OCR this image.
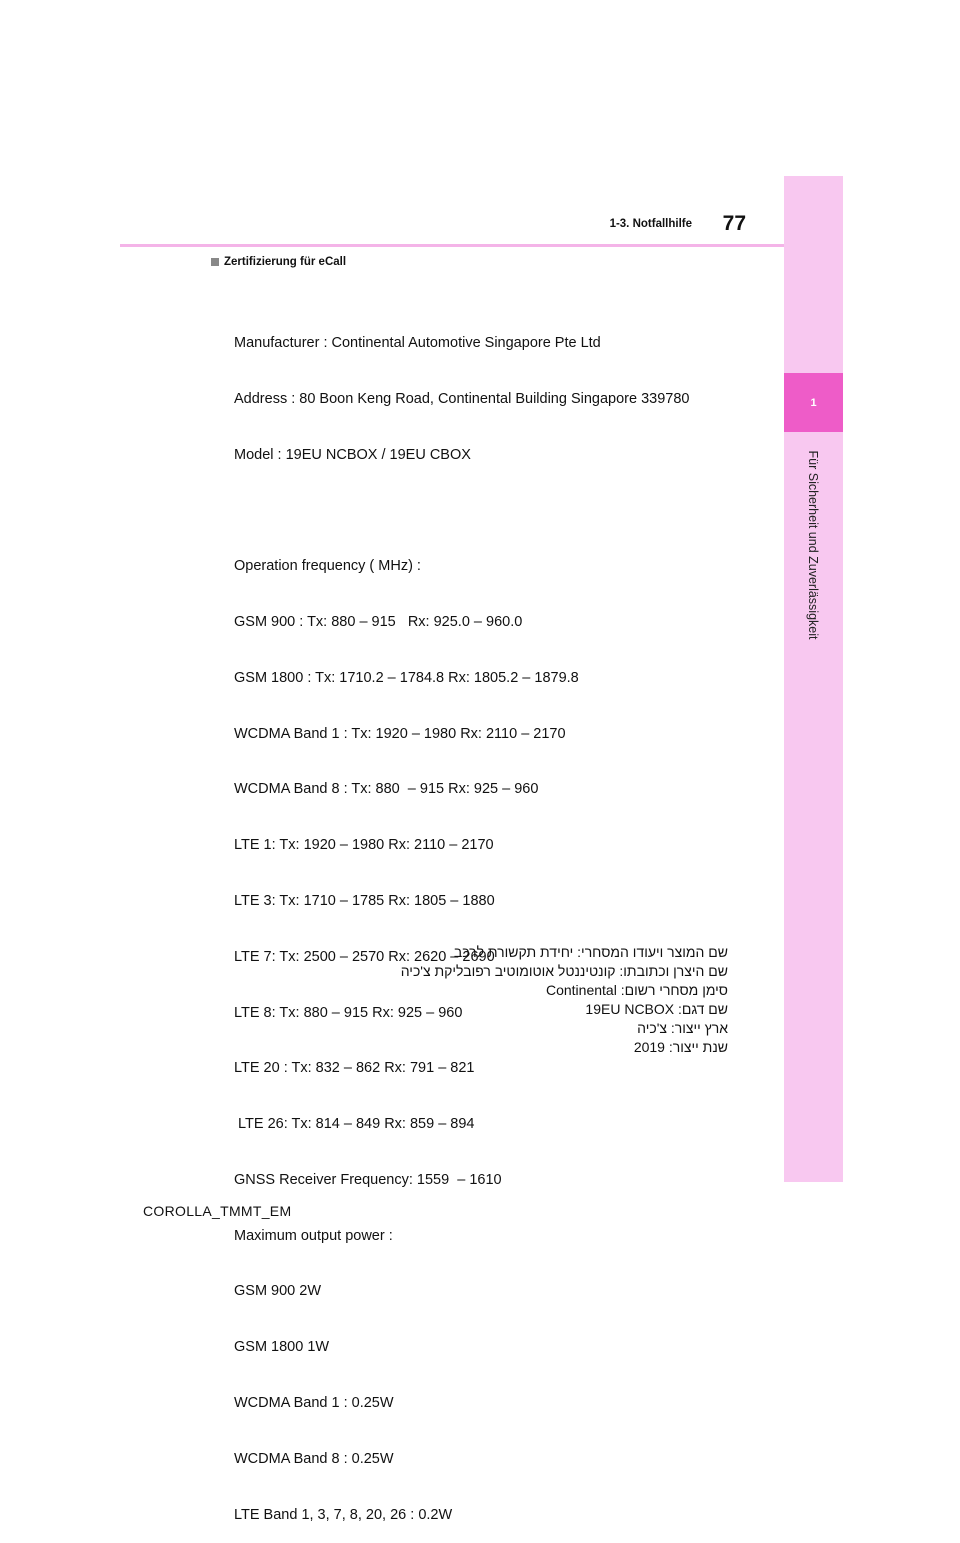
1
Für Sicherheit und Zuverlässigkeit
1-3. Notfallhilfe 77
Zertifizierung für eCall

Manufacturer : Continental Automotive Singapore Pte Ltd

Address : 80 Boon Keng Road, Continental Building Singapore 339780

Model : 19EU NCBOX / 19EU CBOX

Operation frequency ( MHz) :

GSM 900 : Tx: 880 – 915   Rx: 925.0 – 960.0

GSM 1800 : Tx: 1710.2 – 1784.8 Rx: 1805.2 – 1879.8

WCDMA Band 1 : Tx: 1920 – 1980 Rx: 2110 – 2170

WCDMA Band 8 : Tx: 880  – 915 Rx: 925 – 960

LTE 1: Tx: 1920 – 1980 Rx: 2110 – 2170

LTE 3: Tx: 1710 – 1785 Rx: 1805 – 1880

LTE 7: Tx: 2500 – 2570 Rx: 2620 – 2690

LTE 8: Tx: 880 – 915 Rx: 925 – 960

LTE 20 : Tx: 832 – 862 Rx: 791 – 821

LTE 26: Tx: 814 – 849 Rx: 859 – 894

GNSS Receiver Frequency: 1559  – 1610

Maximum output power :

GSM 900 2W

GSM 1800 1W

WCDMA Band 1 : 0.25W

WCDMA Band 8 : 0.25W

LTE Band 1, 3, 7, 8, 20, 26 : 0.2W

שם המוצר ויעודו המסחרי: יחידת תקשורת לרכב
שם היצרן וכתובתו: קונטיננטל אוטומוטיב רפובליקת צ'כיה
סימן מסחרי רשום: Continental
שם דגם: 19EU NCBOX
ארץ ייצור: צ'כיה
שנת ייצור: 2019
COROLLA_TMMT_EM
